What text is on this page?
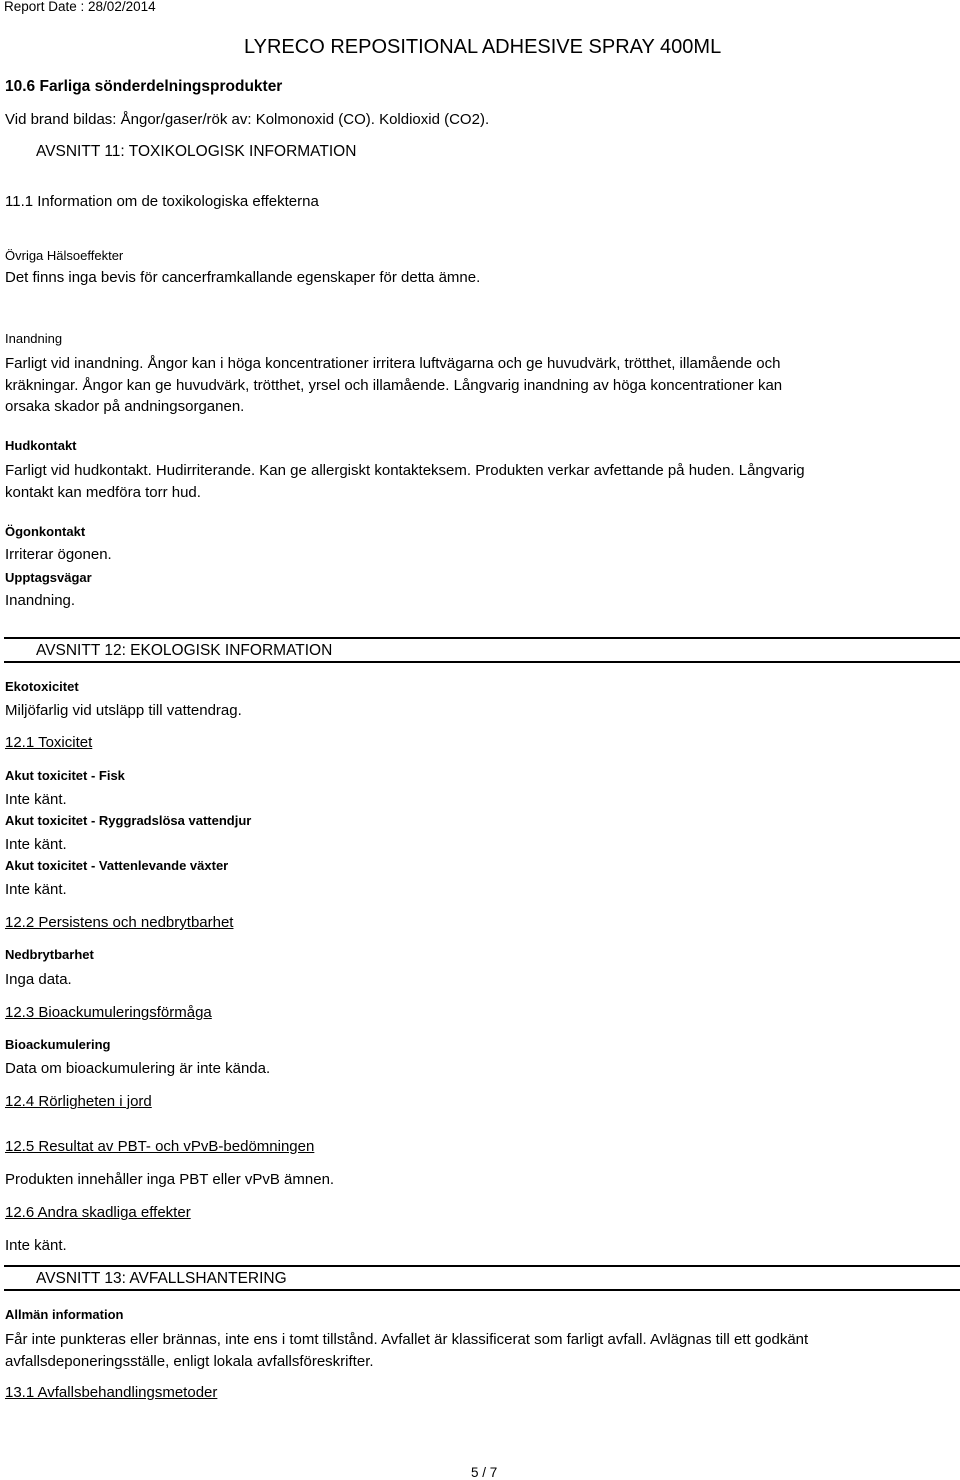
Report Date : 28/02/2014
LYRECO REPOSITIONAL ADHESIVE SPRAY 400ML
10.6 Farliga sönderdelningsprodukter
Vid brand bildas: Ångor/gaser/rök av: Kolmonoxid (CO). Koldioxid (CO2).
AVSNITT 11: TOXIKOLOGISK INFORMATION
11.1 Information om de toxikologiska effekterna
Övriga Hälsoeffekter
Det finns inga bevis för cancerframkallande egenskaper för detta ämne.
Inandning
Farligt vid inandning. Ångor kan i höga koncentrationer irritera luftvägarna och ge huvudvärk, trötthet, illamående och
kräkningar. Ångor kan ge huvudvärk, trötthet, yrsel och illamående. Långvarig inandning av höga koncentrationer kan
orsaka skador på andningsorganen.
Hudkontakt
Farligt vid hudkontakt. Hudirriterande. Kan ge allergiskt kontakteksem. Produkten verkar avfettande på huden. Långvarig
kontakt kan medföra torr hud.
Ögonkontakt
Irriterar ögonen.
Upptagsvägar
Inandning.
AVSNITT 12: EKOLOGISK INFORMATION
Ekotoxicitet
Miljöfarlig vid utsläpp till vattendrag.
12.1 Toxicitet
Akut toxicitet - Fisk
Inte känt.
Akut toxicitet - Ryggradslösa vattendjur
Inte känt.
Akut toxicitet - Vattenlevande växter
Inte känt.
12.2 Persistens och nedbrytbarhet
Nedbrytbarhet
Inga data.
12.3 Bioackumuleringsförmåga
Bioackumulering
Data om bioackumulering är inte kända.
12.4 Rörligheten i jord
12.5 Resultat av PBT- och vPvB-bedömningen
Produkten innehåller inga PBT eller vPvB ämnen.
12.6 Andra skadliga effekter
Inte känt.
AVSNITT 13: AVFALLSHANTERING
Allmän information
Får inte punkteras eller brännas, inte ens i tomt tillstånd. Avfallet är klassificerat som farligt avfall. Avlägnas till ett godkänt
avfallsdeponeringsställe, enligt lokala avfallsföreskrifter.
13.1 Avfallsbehandlingsmetoder
5 / 7
